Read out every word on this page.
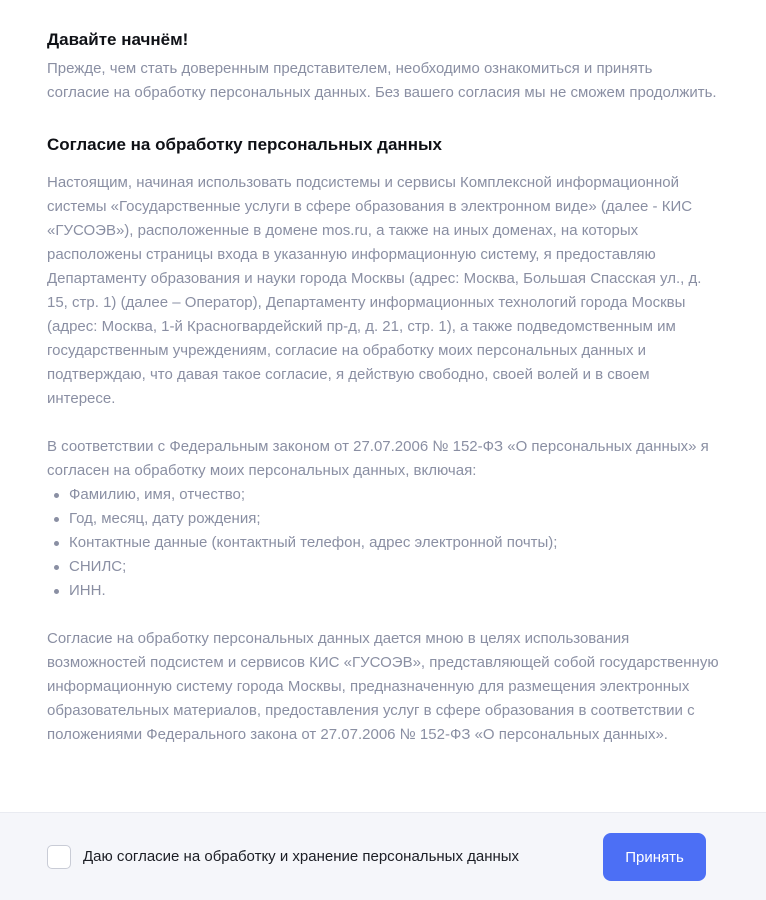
Давайте начнём!

Прежде, чем стать доверенным представителем, необходимо ознакомиться и принять согласие на обработку персональных данных. Без вашего согласия мы не сможем продолжить.

Согласие на обработку персональных данных

Настоящим, начиная использовать подсистемы и сервисы Комплексной информационной системы «Государственные услуги в сфере образования в электронном виде» (далее - КИС «ГУСОЭВ»), расположенные в домене mos.ru, а также на иных доменах, на которых расположены страницы входа в указанную информационную систему, я предоставляю Департаменту образования и науки города Москвы (адрес: Москва, Большая Спасская ул., д. 15, стр. 1) (далее – Оператор), Департаменту информационных технологий города Москвы (адрес: Москва, 1-й Красногвардейский пр-д, д. 21, стр. 1), а также подведомственным им государственным учреждениям, согласие на обработку моих персональных данных и подтверждаю, что давая такое согласие, я действую свободно, своей волей и в своем интересе.

В соответствии с Федеральным законом от 27.07.2006 № 152-ФЗ «О персональных данных» я согласен на обработку моих персональных данных, включая:

Фамилию, имя, отчество;
Год, месяц, дату рождения;
Контактные данные (контактный телефон, адрес электронной почты);
СНИЛС;
ИНН.

Согласие на обработку персональных данных дается мною в целях использования возможностей подсистем и сервисов КИС «ГУСОЭВ», представляющей собой государственную информационную систему города Москвы, предназначенную для размещения электронных образовательных материалов, предоставления услуг в сфере образования в соответствии с положениями Федерального закона от 27.07.2006 № 152-ФЗ «О персональных данных».

Даю согласие на обработку и хранение персональных данных	Принять
